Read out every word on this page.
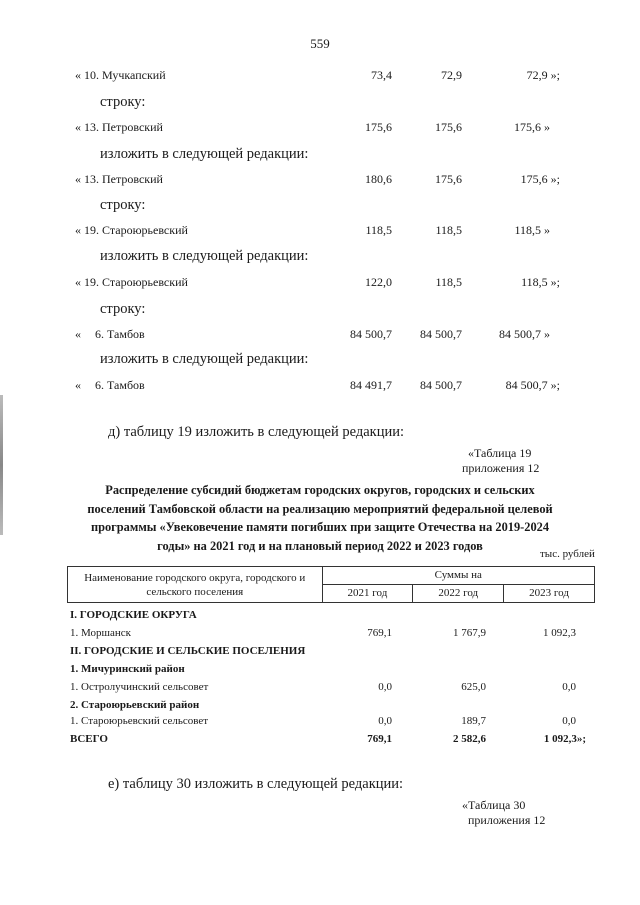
559
« 10. Мучкапский	73,4	72,9	72,9 »;
строку:
« 13. Петровский	175,6	175,6	175,6 »
изложить в следующей редакции:
« 13. Петровский	180,6	175,6	175,6 »;
строку:
« 19. Староюрьевский	118,5	118,5	118,5 »
изложить в следующей редакции:
« 19. Староюрьевский	122,0	118,5	118,5 »;
строку:
« 6. Тамбов	84 500,7	84 500,7	84 500,7 »
изложить в следующей редакции:
« 6. Тамбов	84 491,7	84 500,7	84 500,7 »;
д) таблицу 19 изложить в следующей редакции:
«Таблица 19
приложения 12
Распределение субсидий бюджетам городских округов, городских и сельских поселений Тамбовской области на реализацию мероприятий федеральной целевой программы «Увековечение памяти погибших при защите Отечества на 2019-2024 годы» на 2021 год и на плановый период 2022 и 2023 годов
тыс. рублей
Наименование городского округа, городского и сельского поселения	Суммы на		
	2021 год	2022 год	2023 год
I. ГОРОДСКИЕ ОКРУГА
1. Моршанск	769,1	1 767,9	1 092,3
II. ГОРОДСКИЕ И СЕЛЬСКИЕ ПОСЕЛЕНИЯ
1. Мичуринский район
1. Остролучинский сельсовет	0,0	625,0	0,0
2. Староюрьевский район
1. Староюрьевский сельсовет	0,0	189,7	0,0
ВСЕГО	769,1	2 582,6	1 092,3»;
е) таблицу 30 изложить в следующей редакции:
«Таблица 30
приложения 12
